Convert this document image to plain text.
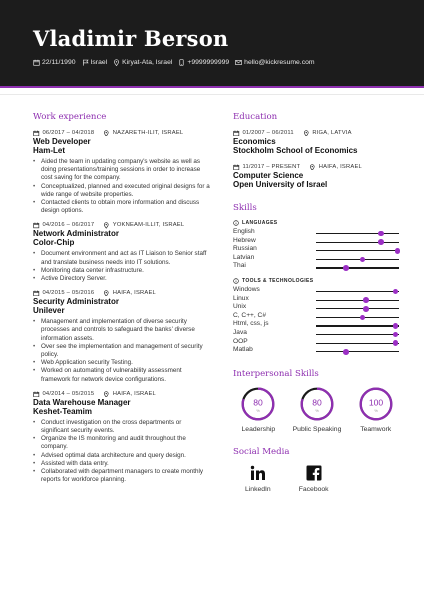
Vladimir Berson
22/11/1990 Israel Kiryat-Ata, Israel +9999999999 hello@kickresume.com
Work experience
06/2017 – 04/2018	NAZARETH-ILIT, ISRAEL
Web Developer
Ham-Let
• Aided the team in updating company's website as well as doing presentations/training sessions in order to increase cost saving for the company.
• Conceptualized, planned and executed original designs for a wide range of website properties.
• Contacted clients to obtain more information and discuss design options.
04/2016 – 06/2017	YOKNEAM-ILLIT, ISRAEL
Network Administrator
Color-Chip
• Document environment and act as IT Liaison to Senior staff and translate business needs into IT solutions.
• Monitoring data center infrastructure.
• Active Directory Server.
04/2015 – 05/2016	HAIFA, ISRAEL
Security Administrator
Unilever
• Management and implementation of diverse security processes and controls to safeguard the banks' diverse information assets.
• Over see the implementation and management of security policy.
• Web Application security Testing.
• Worked on automating of vulnerability assessment framework for network device configurations.
04/2014 – 05/2015	HAIFA, ISRAEL
Data Warehouse Manager
Keshet-Teamim
• Conduct investigation on the cross departments or significant security events.
• Organize the IS monitoring and audit throughout the company.
• Advised optimal data architecture and query design.
• Assisted with data entry.
• Collaborated with department managers to create monthly reports for workforce planning.
Education
01/2007 – 06/2011	RIGA, LATVIA
Economics
Stockholm School of Economics
11/2017 – PRESENT	HAIFA, ISRAEL
Computer Science
Open University of Israel
Skills
LANGUAGES
English
Hebrew
Russian
Latvian
Thai
TOOLS & TECHNOLOGIES
Windows
Linux
Unix
C, C++, C#
Html, css, js
Java
OOP
Matlab
Interpersonal Skills
80
%
Leadership
80
%
Public Speaking
100
%
Teamwork
Social Media
LinkedIn	Facebook
